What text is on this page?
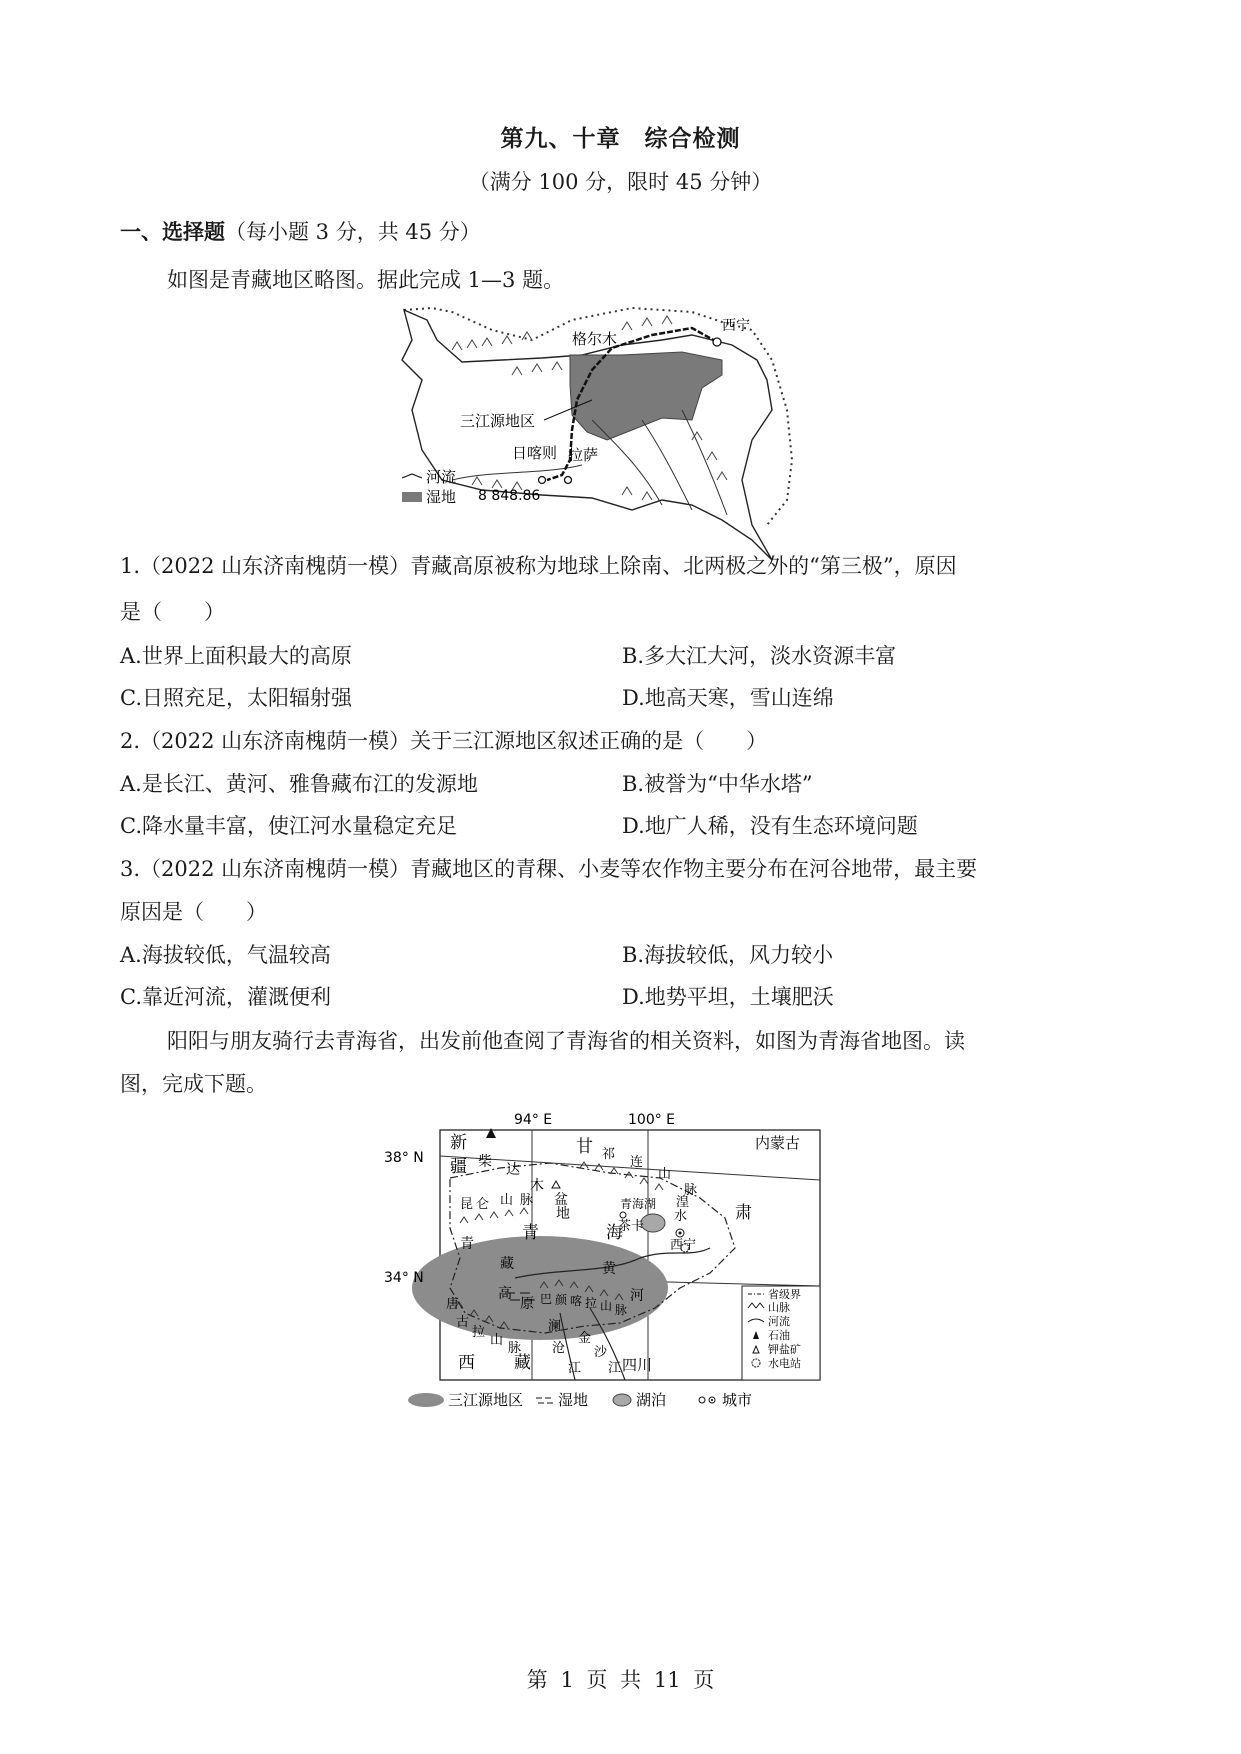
第九、十章　综合检测
（满分 100 分，限时 45 分钟）
一、选择题（每小题 3 分，共 45 分）
如图是青藏地区略图。据此完成 1—3 题。
西宁
格尔木
三江源地区
日喀则 拉萨
8 848.86
河流
湿地
1.（2022 山东济南槐荫一模）青藏高原被称为地球上除南、北两极之外的“第三极”，原因
是（　　）
A.世界上面积最大的高原	B.多大江大河，淡水资源丰富
C.日照充足，太阳辐射强	D.地高天寒，雪山连绵
2.（2022 山东济南槐荫一模）关于三江源地区叙述正确的是（　　）
A.是长江、黄河、雅鲁藏布江的发源地	B.被誉为“中华水塔”
C.降水量丰富，使江河水量稳定充足	D.地广人稀，没有生态环境问题
3.（2022 山东济南槐荫一模）青藏地区的青稞、小麦等农作物主要分布在河谷地带，最主要
原因是（　　）
A.海拔较低，气温较高	B.海拔较低，风力较小
C.靠近河流，灌溉便利	D.地势平坦，土壤肥沃
阳阳与朋友骑行去青海省，出发前他查阅了青海省的相关资料，如图为青海省地图。读
图，完成下题。
94° E	100° E
38° N
34° N
新
疆
甘
肃
内蒙古
祁
连
山
脉
柴 达
木
盆
地
昆 仑 山 脉
青	海
青
藏
高
原
青海湖
茶卡
湟
水
西宁
黄
河
巴 颜 喀 拉 山 脉
唐
古
拉
山
脉
澜
沧
江
金
沙
江
西 藏	四川
省级界
山脉
河流
石油
钾盐矿
水电站
三江源地区 湿地	湖泊	城市
第 1 页 共 11 页
